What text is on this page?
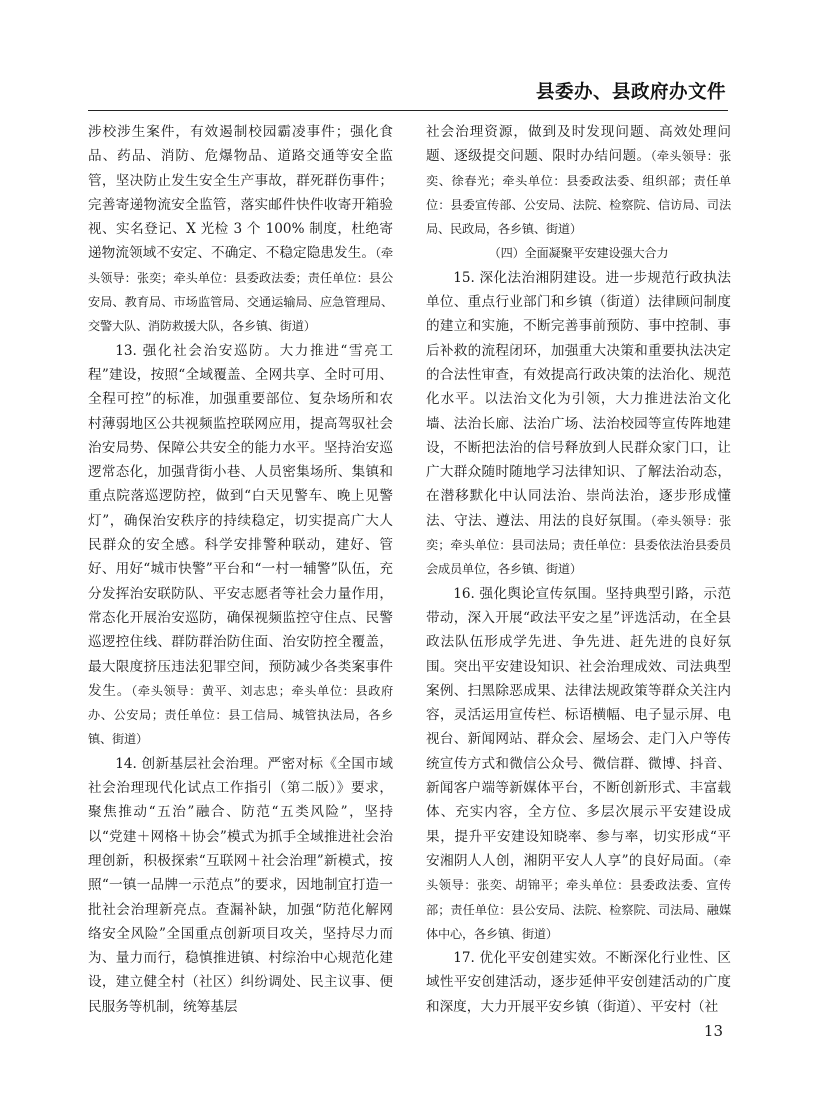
县委办、县政府办文件

涉校涉生案件，有效遏制校园霸凌事件；强化食品、药品、消防、危爆物品、道路交通等安全监管，坚决防止发生安全生产事故，群死群伤事件；完善寄递物流安全监管，落实邮件快件收寄开箱验视、实名登记、X 光检 3 个 100% 制度，杜绝寄递物流领域不安定、不确定、不稳定隐患发生。（牵头领导：张奕；牵头单位：县委政法委；责任单位：县公安局、教育局、市场监管局、交通运输局、应急管理局、交警大队、消防救援大队，各乡镇、街道）

13. 强化社会治安巡防。大力推进“雪亮工程”建设，按照“全域覆盖、全网共享、全时可用、全程可控”的标准，加强重要部位、复杂场所和农村薄弱地区公共视频监控联网应用，提高驾驭社会治安局势、保障公共安全的能力水平。坚持治安巡逻常态化，加强背街小巷、人员密集场所、集镇和重点院落巡逻防控，做到“白天见警车、晚上见警灯”，确保治安秩序的持续稳定，切实提高广大人民群众的安全感。科学安排警种联动，建好、管好、用好“城市快警”平台和“一村一辅警”队伍，充分发挥治安联防队、平安志愿者等社会力量作用，常态化开展治安巡防，确保视频监控守住点、民警巡逻控住线、群防群治防住面、治安防控全覆盖，最大限度挤压违法犯罪空间，预防减少各类案事件发生。（牵头领导：黄平、刘志忠；牵头单位：县政府办、公安局；责任单位：县工信局、城管执法局，各乡镇、街道）

14. 创新基层社会治理。严密对标《全国市域社会治理现代化试点工作指引（第二版）》要求，聚焦推动“五治”融合、防范“五类风险”，坚持以“党建＋网格＋协会”模式为抓手全域推进社会治理创新，积极探索“互联网＋社会治理”新模式，按照“一镇一品牌一示范点”的要求，因地制宜打造一批社会治理新亮点。查漏补缺，加强“防范化解网络安全风险”全国重点创新项目攻关，坚持尽力而为、量力而行，稳慎推进镇、村综治中心规范化建设，建立健全村（社区）纠纷调处、民主议事、便民服务等机制，统筹基层

社会治理资源，做到及时发现问题、高效处理问题、逐级提交问题、限时办结问题。（牵头领导：张奕、徐春光；牵头单位：县委政法委、组织部；责任单位：县委宣传部、公安局、法院、检察院、信访局、司法局、民政局，各乡镇、街道）

（四）全面凝聚平安建设强大合力

15. 深化法治湘阴建设。进一步规范行政执法单位、重点行业部门和乡镇（街道）法律顾问制度的建立和实施，不断完善事前预防、事中控制、事后补救的流程闭环，加强重大决策和重要执法决定的合法性审查，有效提高行政决策的法治化、规范化水平。以法治文化为引领，大力推进法治文化墙、法治长廊、法治广场、法治校园等宣传阵地建设，不断把法治的信号释放到人民群众家门口，让广大群众随时随地学习法律知识、了解法治动态，在潜移默化中认同法治、崇尚法治，逐步形成懂法、守法、遵法、用法的良好氛围。（牵头领导：张奕；牵头单位：县司法局；责任单位：县委依法治县委员会成员单位，各乡镇、街道）

16. 强化舆论宣传氛围。坚持典型引路，示范带动，深入开展“政法平安之星”评选活动，在全县政法队伍形成学先进、争先进、赶先进的良好氛围。突出平安建设知识、社会治理成效、司法典型案例、扫黑除恶成果、法律法规政策等群众关注内容，灵活运用宣传栏、标语横幅、电子显示屏、电视台、新闻网站、群众会、屋场会、走门入户等传统宣传方式和微信公众号、微信群、微博、抖音、新闻客户端等新媒体平台，不断创新形式、丰富载体、充实内容，全方位、多层次展示平安建设成果，提升平安建设知晓率、参与率，切实形成“平安湘阴人人创，湘阴平安人人享”的良好局面。（牵头领导：张奕、胡锦平；牵头单位：县委政法委、宣传部；责任单位：县公安局、法院、检察院、司法局、融媒体中心，各乡镇、街道）

17. 优化平安创建实效。不断深化行业性、区域性平安创建活动，逐步延伸平安创建活动的广度和深度，大力开展平安乡镇（街道）、平安村（社

13
